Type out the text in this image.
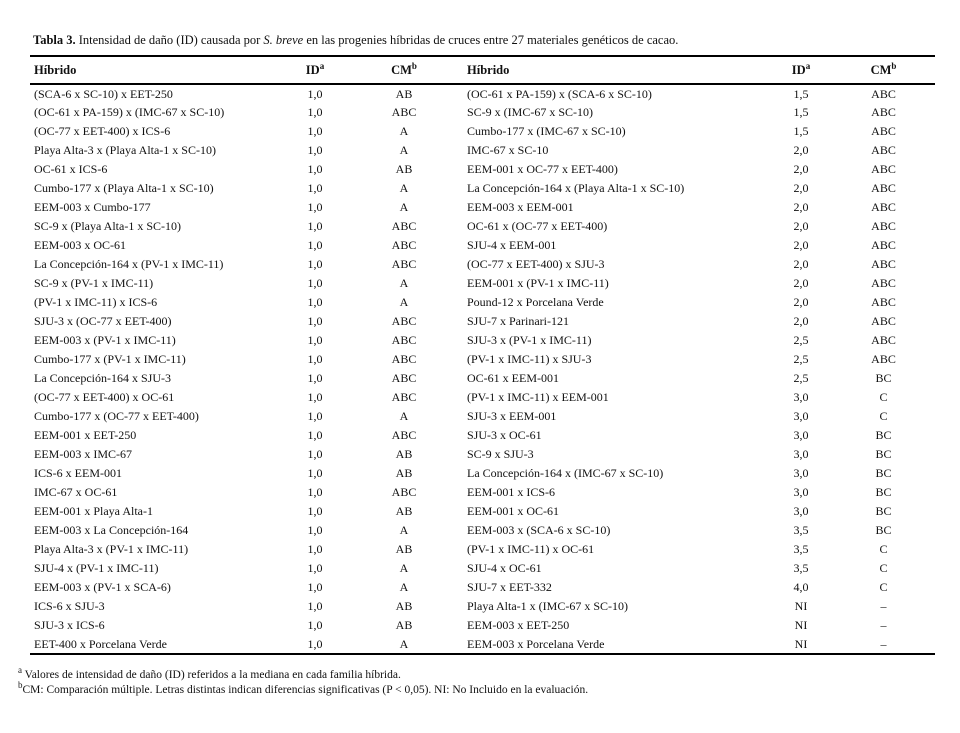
Tabla 3. Intensidad de daño (ID) causada por S. breve en las progenies híbridas de cruces entre 27 materiales genéticos de cacao.

Híbrido	$ID^a$	$CM^b$	Híbrido	$ID^a$	$CM^b$
(SCA-6 x SC-10) x EET-250	1,0	AB	(OC-61 x PA-159) x (SCA-6 x SC-10)	1,5	ABC
(OC-61 x PA-159) x (IMC-67 x SC-10)	1,0	ABC	SC-9 x (IMC-67 x SC-10)	1,5	ABC
(OC-77 x EET-400) x ICS-6	1,0	A	Cumbo-177 x (IMC-67 x SC-10)	1,5	ABC
Playa Alta-3 x (Playa Alta-1 x SC-10)	1,0	A	IMC-67 x SC-10	2,0	ABC
OC-61 x ICS-6	1,0	AB	EEM-001 x OC-77 x EET-400)	2,0	ABC
Cumbo-177 x (Playa Alta-1 x SC-10)	1,0	A	La Concepción-164 x (Playa Alta-1 x SC-10)	2,0	ABC
EEM-003 x Cumbo-177	1,0	A	EEM-003 x EEM-001	2,0	ABC
SC-9 x (Playa Alta-1 x SC-10)	1,0	ABC	OC-61 x (OC-77 x EET-400)	2,0	ABC
EEM-003 x OC-61	1,0	ABC	SJU-4 x EEM-001	2,0	ABC
La Concepción-164 x (PV-1 x IMC-11)	1,0	ABC	(OC-77 x EET-400) x SJU-3	2,0	ABC
SC-9 x (PV-1 x IMC-11)	1,0	A	EEM-001 x (PV-1 x IMC-11)	2,0	ABC
(PV-1 x IMC-11) x ICS-6	1,0	A	Pound-12 x Porcelana Verde	2,0	ABC
SJU-3 x (OC-77 x EET-400)	1,0	ABC	SJU-7 x Parinari-121	2,0	ABC
EEM-003 x (PV-1 x IMC-11)	1,0	ABC	SJU-3 x (PV-1 x IMC-11)	2,5	ABC
Cumbo-177 x (PV-1 x IMC-11)	1,0	ABC	(PV-1 x IMC-11) x SJU-3	2,5	ABC
La Concepción-164 x SJU-3	1,0	ABC	OC-61 x EEM-001	2,5	BC
(OC-77 x EET-400) x OC-61	1,0	ABC	(PV-1 x IMC-11) x EEM-001	3,0	C
Cumbo-177 x (OC-77 x EET-400)	1,0	A	SJU-3 x EEM-001	3,0	C
EEM-001 x EET-250	1,0	ABC	SJU-3 x OC-61	3,0	BC
EEM-003 x IMC-67	1,0	AB	SC-9 x SJU-3	3,0	BC
ICS-6 x EEM-001	1,0	AB	La Concepción-164 x (IMC-67 x SC-10)	3,0	BC
IMC-67 x OC-61	1,0	ABC	EEM-001 x ICS-6	3,0	BC
EEM-001 x Playa Alta-1	1,0	AB	EEM-001 x OC-61	3,0	BC
EEM-003 x La Concepción-164	1,0	A	EEM-003 x (SCA-6 x SC-10)	3,5	BC
Playa Alta-3 x (PV-1 x IMC-11)	1,0	AB	(PV-1 x IMC-11) x OC-61	3,5	C
SJU-4 x (PV-1 x IMC-11)	1,0	A	SJU-4 x OC-61	3,5	C
EEM-003 x (PV-1 x SCA-6)	1,0	A	SJU-7 x EET-332	4,0	C
ICS-6 x SJU-3	1,0	AB	Playa Alta-1 x (IMC-67 x SC-10)	NI	–
SJU-3 x ICS-6	1,0	AB	EEM-003 x EET-250	NI	–
EET-400 x Porcelana Verde	1,0	A	EEM-003 x Porcelana Verde	NI	–

$^a$ Valores de intensidad de daño (ID) referidos a la mediana en cada familia híbrida.

$^b$CM: Comparación múltiple. Letras distintas indican diferencias significativas (P < 0,05). NI: No Incluido en la evaluación.
